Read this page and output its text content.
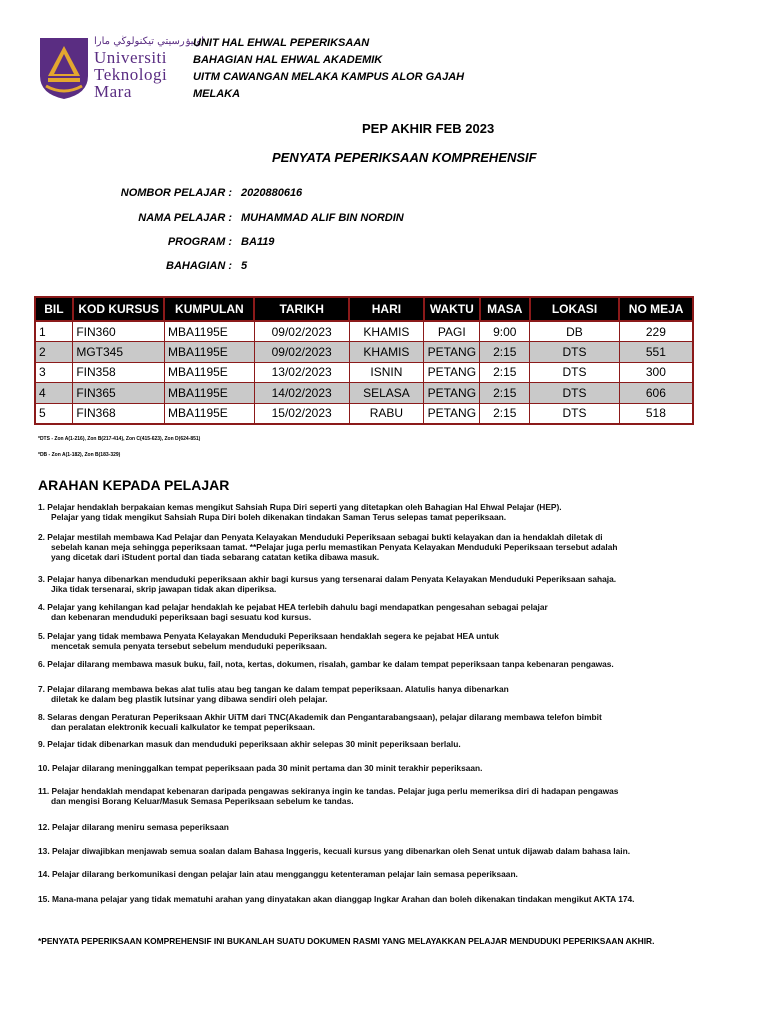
اونيۏرسيتي تيكنولوڬي مارا
Universiti
Teknologi
Mara
UNIT HAL EHWAL PEPERIKSAAN
BAHAGIAN HAL EHWAL AKADEMIK
UITM CAWANGAN MELAKA KAMPUS ALOR GAJAH
MELAKA
PEP AKHIR FEB 2023
PENYATA PEPERIKSAAN KOMPREHENSIF
NOMBOR PELAJAR : 2020880616
NAMA PELAJAR : MUHAMMAD ALIF BIN NORDIN
PROGRAM : BA119
BAHAGIAN : 5
BIL	KOD KURSUS	KUMPULAN	TARIKH	HARI	WAKTU	MASA	LOKASI	NO MEJA
1	FIN360	MBA1195E	09/02/2023	KHAMIS	PAGI	9:00	DB	229
2	MGT345	MBA1195E	09/02/2023	KHAMIS	PETANG	2:15	DTS	551
3	FIN358	MBA1195E	13/02/2023	ISNIN	PETANG	2:15	DTS	300
4	FIN365	MBA1195E	14/02/2023	SELASA	PETANG	2:15	DTS	606
5	FIN368	MBA1195E	15/02/2023	RABU	PETANG	2:15	DTS	518
*DTS - Zon A(1-216), Zon B(217-414), Zon C(415-623), Zon D(624-851)
*DB - Zon A(1-182), Zon B(183-329)
ARAHAN KEPADA PELAJAR
1. Pelajar hendaklah berpakaian kemas mengikut Sahsiah Rupa Diri seperti yang ditetapkan oleh Bahagian Hal Ehwal Pelajar (HEP).
Pelajar yang tidak mengikut Sahsiah Rupa Diri boleh dikenakan tindakan Saman Terus selepas tamat peperiksaan.
2. Pelajar mestilah membawa Kad Pelajar dan Penyata Kelayakan Menduduki Peperiksaan sebagai bukti kelayakan dan ia hendaklah diletak di
sebelah kanan meja sehingga peperiksaan tamat. **Pelajar juga perlu memastikan Penyata Kelayakan Menduduki Peperiksaan tersebut adalah
yang dicetak dari iStudent portal dan tiada sebarang catatan ketika dibawa masuk.
3. Pelajar hanya dibenarkan menduduki peperiksaan akhir bagi kursus yang tersenarai dalam Penyata Kelayakan Menduduki Peperiksaan sahaja.
Jika tidak tersenarai, skrip jawapan tidak akan diperiksa.
4. Pelajar yang kehilangan kad pelajar hendaklah ke pejabat HEA terlebih dahulu bagi mendapatkan pengesahan sebagai pelajar
dan kebenaran menduduki peperiksaan bagi sesuatu kod kursus.
5. Pelajar yang tidak membawa Penyata Kelayakan Menduduki Peperiksaan hendaklah segera ke pejabat HEA untuk
mencetak semula penyata tersebut sebelum menduduki peperiksaan.
6. Pelajar dilarang membawa masuk buku, fail, nota, kertas, dokumen, risalah, gambar ke dalam tempat peperiksaan tanpa kebenaran pengawas.
7. Pelajar dilarang membawa bekas alat tulis atau beg tangan ke dalam tempat peperiksaan. Alatulis hanya dibenarkan
diletak ke dalam beg plastik lutsinar yang dibawa sendiri oleh pelajar.
8. Selaras dengan Peraturan Peperiksaan Akhir UiTM dari TNC(Akademik dan Pengantarabangsaan), pelajar dilarang membawa telefon bimbit
dan peralatan elektronik kecuali kalkulator ke tempat peperiksaan.
9. Pelajar tidak dibenarkan masuk dan menduduki peperiksaan akhir selepas 30 minit peperiksaan berlalu.
10. Pelajar dilarang meninggalkan tempat peperiksaan pada 30 minit pertama dan 30 minit terakhir peperiksaan.
11. Pelajar hendaklah mendapat kebenaran daripada pengawas sekiranya ingin ke tandas. Pelajar juga perlu memeriksa diri di hadapan pengawas
dan mengisi Borang Keluar/Masuk Semasa Peperiksaan sebelum ke tandas.
12. Pelajar dilarang meniru semasa peperiksaan
13. Pelajar diwajibkan menjawab semua soalan dalam Bahasa Inggeris, kecuali kursus yang dibenarkan oleh Senat untuk dijawab dalam bahasa lain.
14. Pelajar dilarang berkomunikasi dengan pelajar lain atau mengganggu ketenteraman pelajar lain semasa peperiksaan.
15. Mana-mana pelajar yang tidak mematuhi arahan yang dinyatakan akan dianggap Ingkar Arahan dan boleh dikenakan tindakan mengikut AKTA 174.
*PENYATA PEPERIKSAAN KOMPREHENSIF INI BUKANLAH SUATU DOKUMEN RASMI YANG MELAYAKKAN PELAJAR MENDUDUKI PEPERIKSAAN AKHIR.
